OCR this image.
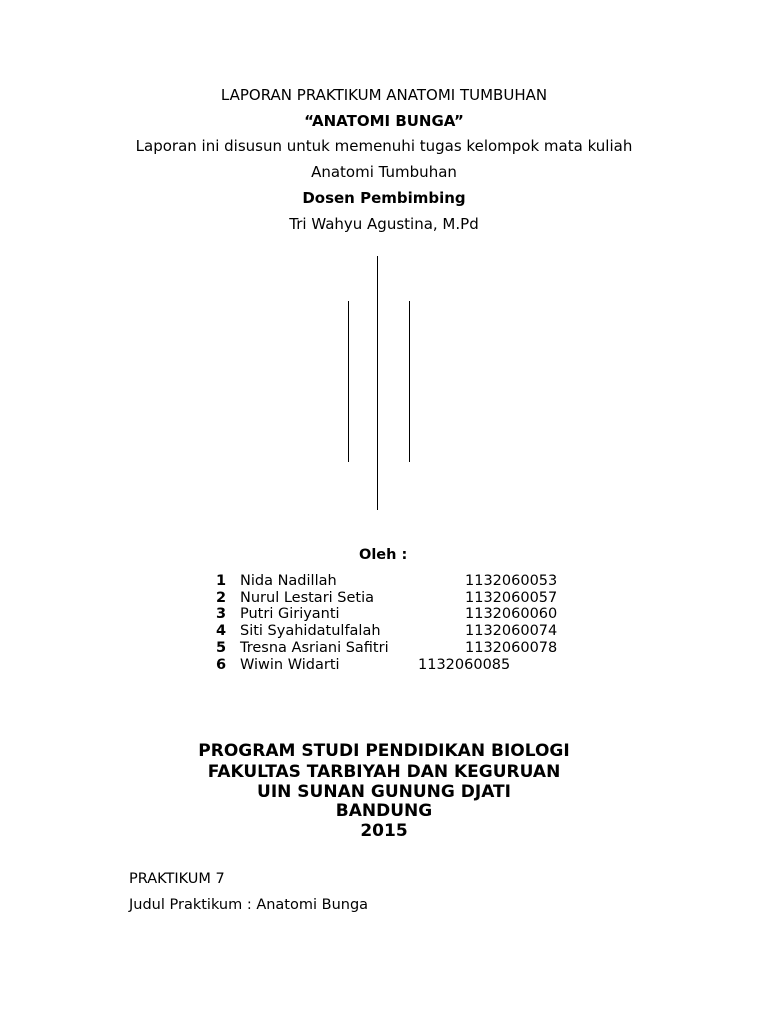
LAPORAN PRAKTIKUM ANATOMI TUMBUHAN
“ANATOMI BUNGA”
Laporan ini disusun untuk memenuhi tugas kelompok mata kuliah
Anatomi Tumbuhan
Dosen Pembimbing
Tri Wahyu Agustina, M.Pd
Oleh :
1 Nida Nadillah	1132060053
2 Nurul Lestari Setia	1132060057
3 Putri Giriyanti	1132060060
4 Siti Syahidatulfalah	1132060074
5 Tresna Asriani Safitri	1132060078
6 Wiwin Widarti	1132060085
PROGRAM STUDI PENDIDIKAN BIOLOGI
FAKULTAS TARBIYAH DAN KEGURUAN
UIN SUNAN GUNUNG DJATI
BANDUNG
2015
PRAKTIKUM 7
Judul Praktikum : Anatomi Bunga
